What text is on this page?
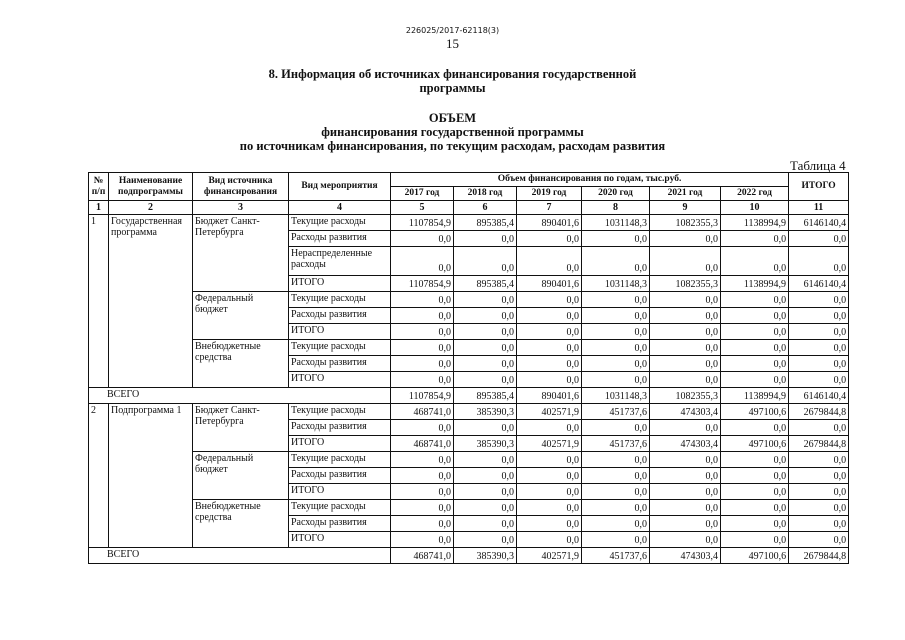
226025/2017-62118(3)
15
8. Информация об источниках финансирования государственной
программы
ОБЪЕМ
финансирования государственной программы
по источникам финансирования, по текущим расходам, расходам развития
Таблица 4
№ п/п	Наименование подпрограммы	Вид источника финансирования	Вид мероприятия	Объем финансирования по годам, тыс.руб.						ИТОГО
				2017 год	2018 год	2019 год	2020 год	2021 год	2022 год	
1	2	3	4	5	6	7	8	9	10	11
1	Государственная программа	Бюджет Санкт-Петербурга	Текущие расходы	1107854,9	895385,4	890401,6	1031148,3	1082355,3	1138994,9	6146140,4
			Расходы развития	0,0	0,0	0,0	0,0	0,0	0,0	0,0
			Нераспределенные расходы	0,0	0,0	0,0	0,0	0,0	0,0	0,0
			ИТОГО	1107854,9	895385,4	890401,6	1031148,3	1082355,3	1138994,9	6146140,4
		Федеральный бюджет	Текущие расходы	0,0	0,0	0,0	0,0	0,0	0,0	0,0
			Расходы развития	0,0	0,0	0,0	0,0	0,0	0,0	0,0
			ИТОГО	0,0	0,0	0,0	0,0	0,0	0,0	0,0
		Внебюджетные средства	Текущие расходы	0,0	0,0	0,0	0,0	0,0	0,0	0,0
			Расходы развития	0,0	0,0	0,0	0,0	0,0	0,0	0,0
			ИТОГО	0,0	0,0	0,0	0,0	0,0	0,0	0,0
ВСЕГО				1107854,9	895385,4	890401,6	1031148,3	1082355,3	1138994,9	6146140,4
2	Подпрограмма 1	Бюджет Санкт-Петербурга	Текущие расходы	468741,0	385390,3	402571,9	451737,6	474303,4	497100,6	2679844,8
			Расходы развития	0,0	0,0	0,0	0,0	0,0	0,0	0,0
			ИТОГО	468741,0	385390,3	402571,9	451737,6	474303,4	497100,6	2679844,8
		Федеральный бюджет	Текущие расходы	0,0	0,0	0,0	0,0	0,0	0,0	0,0
			Расходы развития	0,0	0,0	0,0	0,0	0,0	0,0	0,0
			ИТОГО	0,0	0,0	0,0	0,0	0,0	0,0	0,0
		Внебюджетные средства	Текущие расходы	0,0	0,0	0,0	0,0	0,0	0,0	0,0
			Расходы развития	0,0	0,0	0,0	0,0	0,0	0,0	0,0
			ИТОГО	0,0	0,0	0,0	0,0	0,0	0,0	0,0
ВСЕГО				468741,0	385390,3	402571,9	451737,6	474303,4	497100,6	2679844,8
